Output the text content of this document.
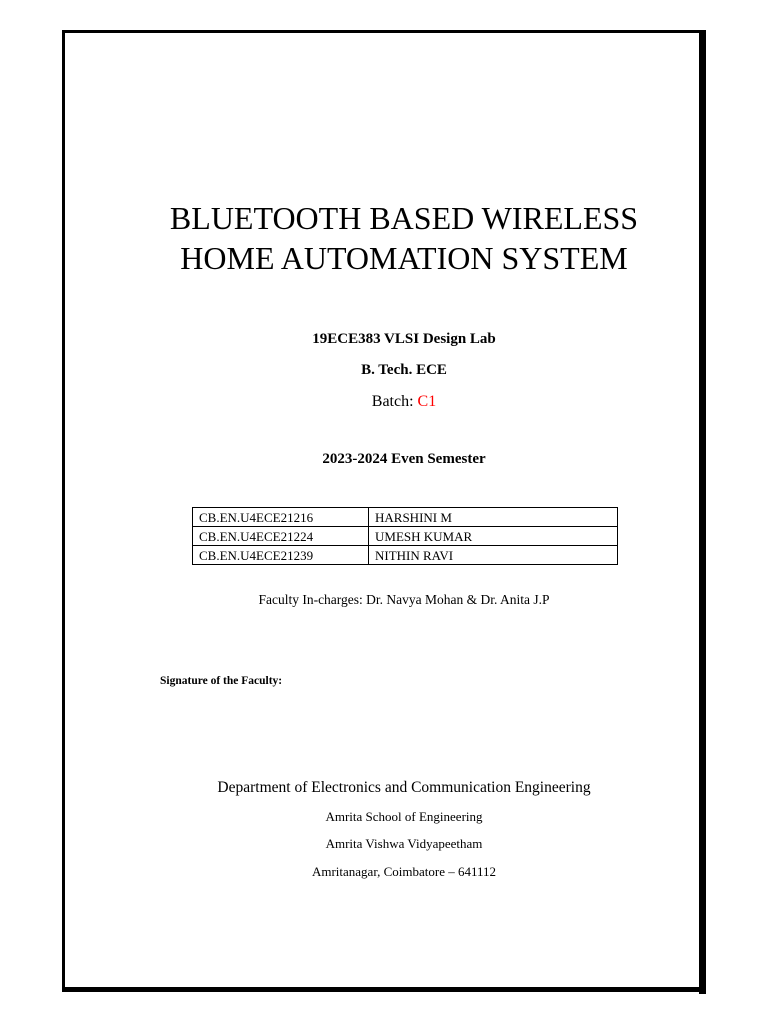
BLUETOOTH BASED WIRELESS
HOME AUTOMATION SYSTEM
19ECE383 VLSI Design Lab
B. Tech. ECE
Batch: C1
2023-2024 Even Semester
CB.EN.U4ECE21216	HARSHINI M
CB.EN.U4ECE21224	UMESH KUMAR
CB.EN.U4ECE21239	NITHIN RAVI
Faculty In-charges: Dr. Navya Mohan & Dr. Anita J.P
Signature of the Faculty:
Department of Electronics and Communication Engineering
Amrita School of Engineering
Amrita Vishwa Vidyapeetham
Amritanagar, Coimbatore – 641112
